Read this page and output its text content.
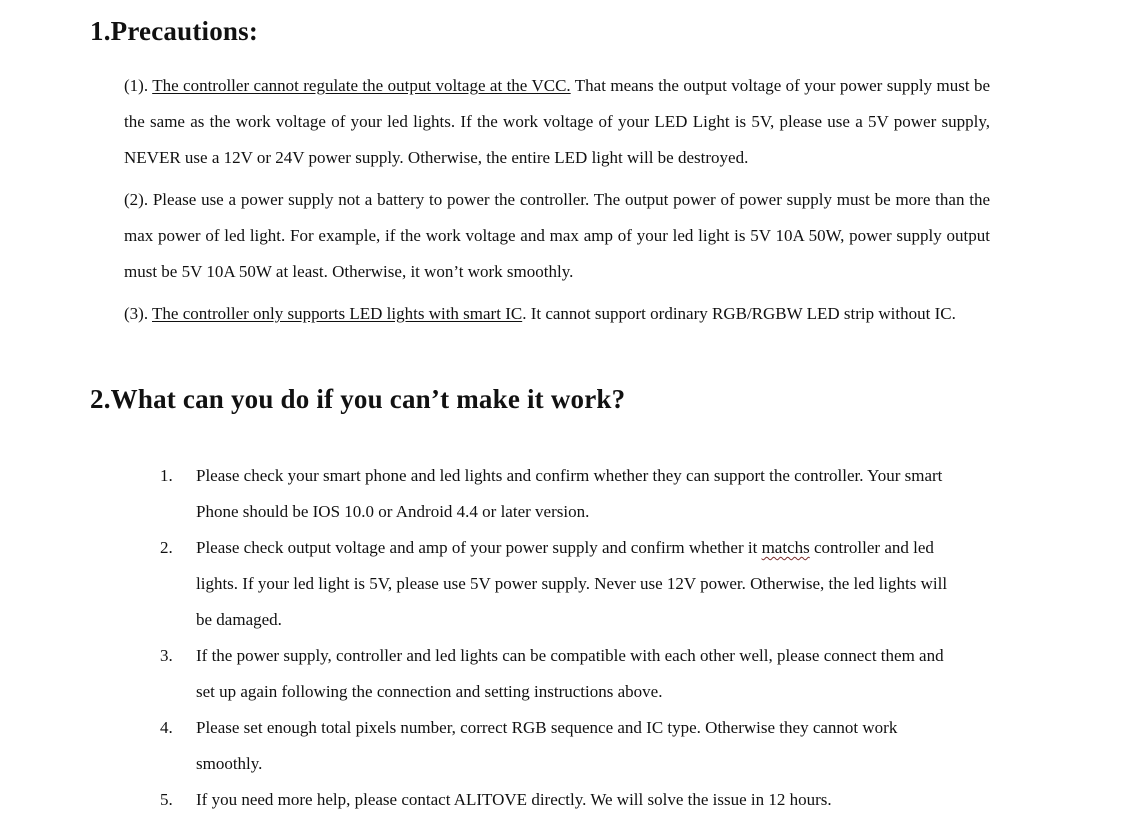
1.Precautions:

(1). The controller cannot regulate the output voltage at the VCC. That means the output voltage of your power supply must be the same as the work voltage of your led lights. If the work voltage of your LED Light is 5V, please use a 5V power supply, NEVER use a 12V or 24V power supply. Otherwise, the entire LED light will be destroyed.

(2). Please use a power supply not a battery to power the controller. The output power of power supply must be more than the max power of led light. For example, if the work voltage and max amp of your led light is 5V 10A 50W, power supply output must be 5V 10A 50W at least. Otherwise, it won’t work smoothly.

(3). The controller only supports LED lights with smart IC. It cannot support ordinary RGB/RGBW LED strip without IC.

2.What can you do if you can’t make it work?
1.	Please check your smart phone and led lights and confirm whether they can support the controller. Your smart Phone should be IOS 10.0 or Android 4.4 or later version.

2.	Please check output voltage and amp of your power supply and confirm whether it matchs controller and led lights. If your led light is 5V, please use 5V power supply. Never use 12V power. Otherwise, the led lights will be damaged.

3.	If the power supply, controller and led lights can be compatible with each other well, please connect them and set up again following the connection and setting instructions above.

4.	Please set enough total pixels number, correct RGB sequence and IC type. Otherwise they cannot work smoothly.

5.	If you need more help, please contact ALITOVE directly. We will solve the issue in 12 hours.
